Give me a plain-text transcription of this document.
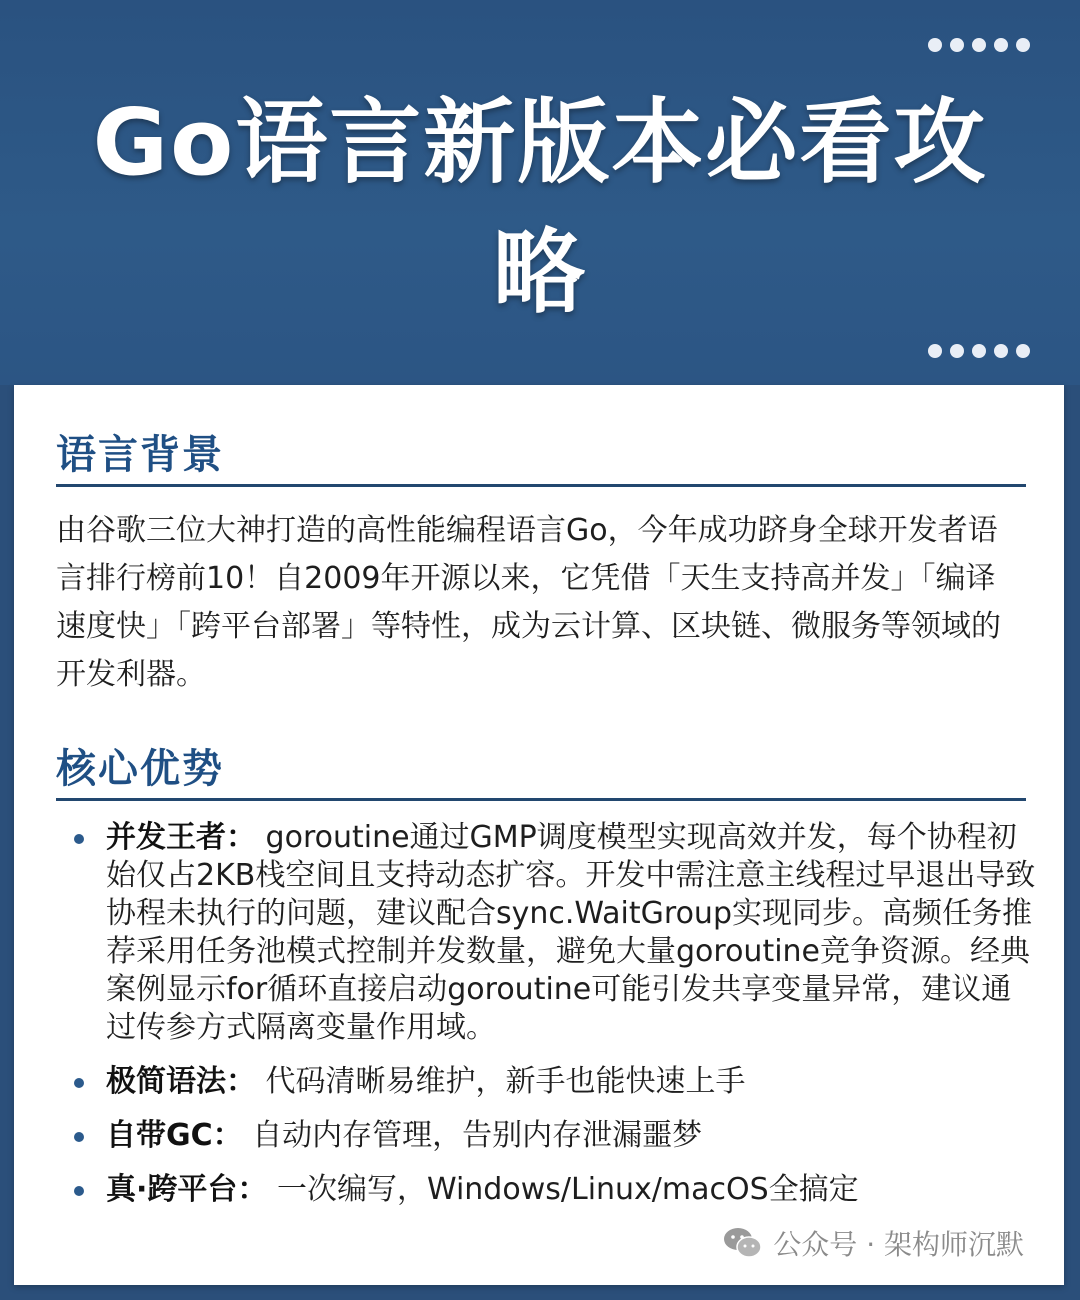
Go语言新版本必看攻略
语言背景
由谷歌三位大神打造的高性能编程语言Go，今年成功跻身全球开发者语言排行榜前10！自2009年开源以来，它凭借「天生支持高并发」「编译速度快」「跨平台部署」等特性，成为云计算、区块链、微服务等领域的开发利器。
核心优势
并发王者： goroutine通过GMP调度模型实现高效并发，每个协程初始仅占2KB栈空间且支持动态扩容。开发中需注意主线程过早退出导致协程未执行的问题，建议配合sync.WaitGroup实现同步。高频任务推荐采用任务池模式控制并发数量，避免大量goroutine竞争资源。经典案例显示for循环直接启动goroutine可能引发共享变量异常，建议通过传参方式隔离变量作用域。
极简语法： 代码清晰易维护，新手也能快速上手
自带GC： 自动内存管理，告别内存泄漏噩梦
真·跨平台： 一次编写，Windows/Linux/macOS全搞定
公众号 · 架构师沉默
